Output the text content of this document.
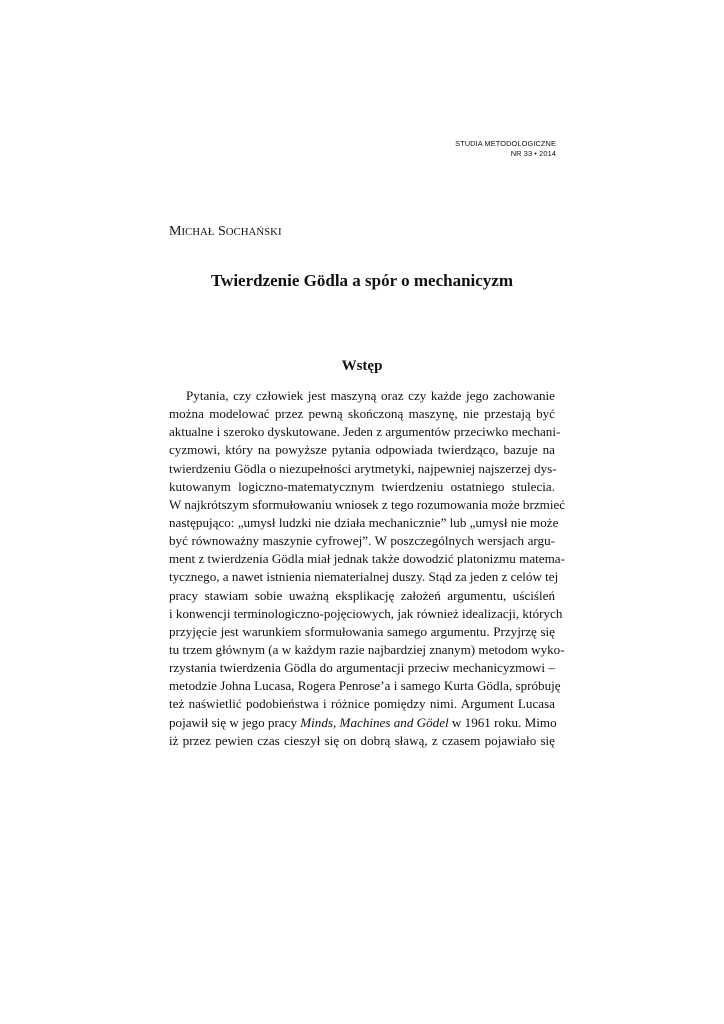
STUDIA METODOLOGICZNE
NR 33 • 2014
MICHAŁ SOCHAŃSKI
Twierdzenie Gödla a spór o mechanicyzm
Wstęp
Pytania, czy człowiek jest maszyną oraz czy każde jego zachowanie
można modelować przez pewną skończoną maszynę, nie przestają być
aktualne i szeroko dyskutowane. Jeden z argumentów przeciwko mechani-
cyzmowi, który na powyższe pytania odpowiada twierdząco, bazuje na
twierdzeniu Gödla o niezupełności arytmetyki, najpewniej najszerzej dys-
kutowanym logiczno-matematycznym twierdzeniu ostatniego stulecia.
W najkrótszym sformułowaniu wniosek z tego rozumowania może brzmieć
następująco: „umysł ludzki nie działa mechanicznie” lub „umysł nie może
być równoważny maszynie cyfrowej”. W poszczególnych wersjach argu-
ment z twierdzenia Gödla miał jednak także dowodzić platonizmu matema-
tycznego, a nawet istnienia niematerialnej duszy. Stąd za jeden z celów tej
pracy stawiam sobie uważną eksplikację założeń argumentu, uściśleń
i konwencji terminologiczno-pojęciowych, jak również idealizacji, których
przyjęcie jest warunkiem sformułowania samego argumentu. Przyjrzę się
tu trzem głównym (a w każdym razie najbardziej znanym) metodom wyko-
rzystania twierdzenia Gödla do argumentacji przeciw mechanicyzmowi –
metodzie Johna Lucasa, Rogera Penrose’a i samego Kurta Gödla, spróbuję
też naświetlić podobieństwa i różnice pomiędzy nimi. Argument Lucasa
pojawił się w jego pracy Minds, Machines and Gödel w 1961 roku. Mimo
iż przez pewien czas cieszył się on dobrą sławą, z czasem pojawiało się
